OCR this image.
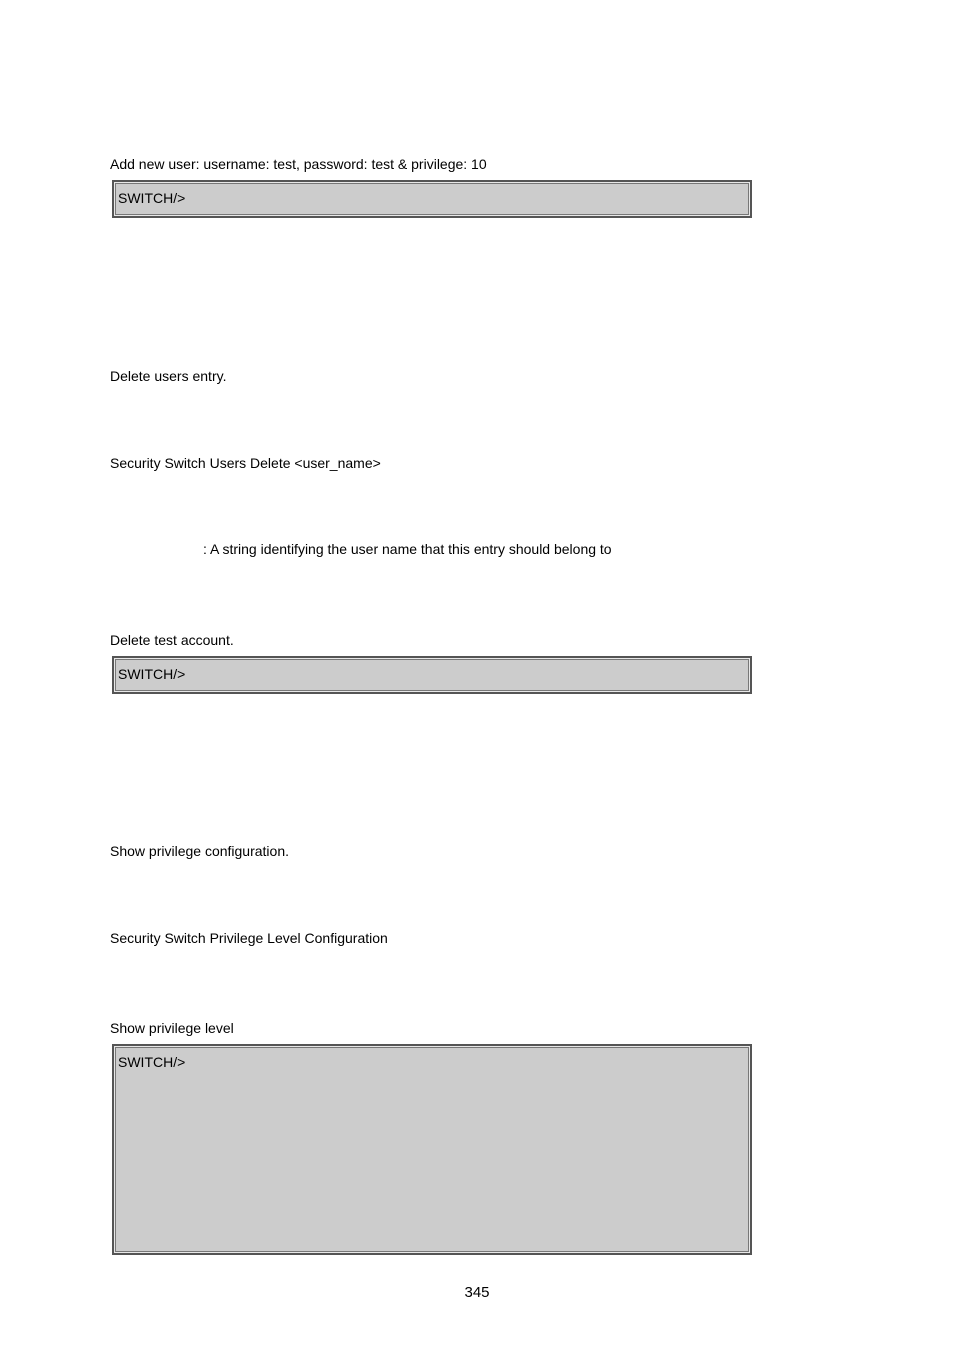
Add new user: username: test, password: test & privilege: 10
SWITCH/>
Delete users entry.
Security Switch Users Delete <user_name>
: A string identifying the user name that this entry should belong to
Delete test account.
SWITCH/>
Show privilege configuration.
Security Switch Privilege Level Configuration
Show privilege level
SWITCH/>
345
